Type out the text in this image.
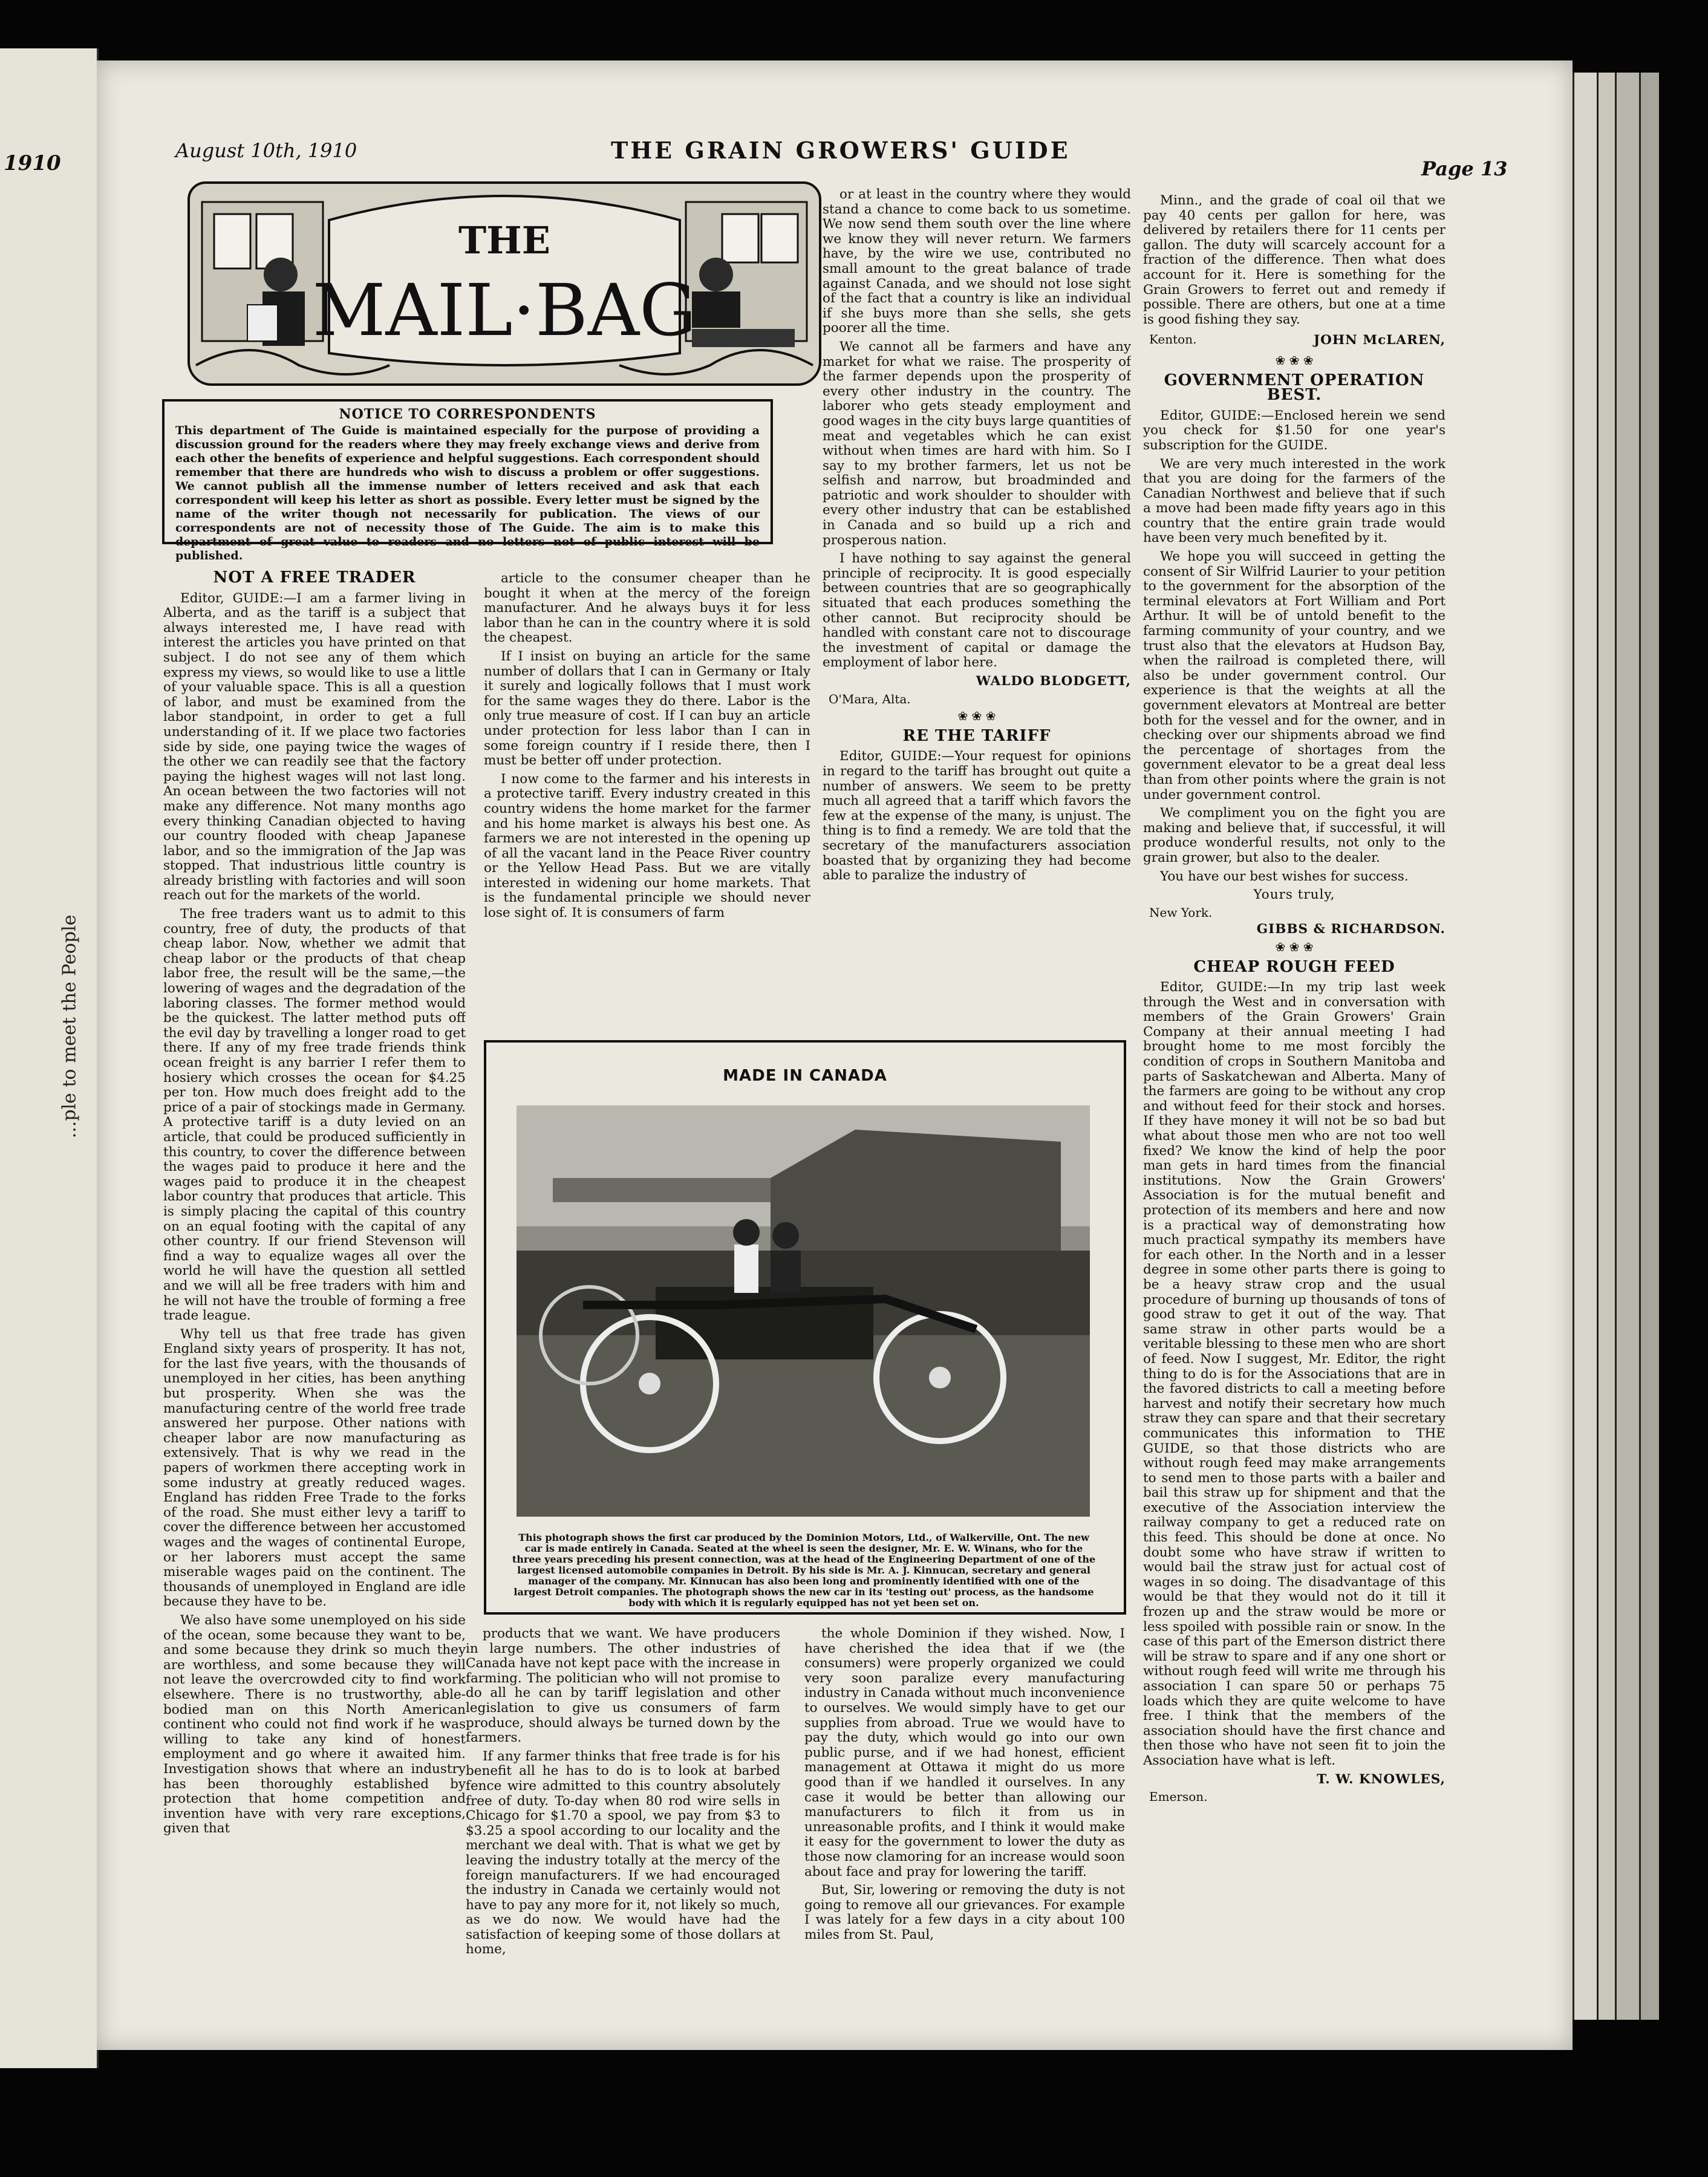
1910
...ple to meet the People
August 10th, 1910	THE GRAIN GROWERS' GUIDE
Page 13
THE
MAIL·BAG
NOTICE TO CORRESPONDENTS
This department of The Guide is maintained especially for the purpose of providing a discussion ground for the readers where they may freely exchange views and derive from each other the benefits of experience and helpful suggestions. Each correspondent should remember that there are hundreds who wish to discuss a problem or offer suggestions. We cannot publish all the immense number of letters received and ask that each correspondent will keep his letter as short as possible. Every letter must be signed by the name of the writer though not necessarily for publication. The views of our correspondents are not of necessity those of The Guide. The aim is to make this department of great value to readers and no letters not of public interest will be published.
NOT A FREE TRADER

Editor, GUIDE:—I am a farmer living in Alberta, and as the tariff is a subject that always interested me, I have read with interest the articles you have printed on that subject. I do not see any of them which express my views, so would like to use a little of your valuable space. This is all a question of labor, and must be examined from the labor standpoint, in order to get a full understanding of it. If we place two factories side by side, one paying twice the wages of the other we can readily see that the factory paying the highest wages will not last long. An ocean between the two factories will not make any difference. Not many months ago every thinking Canadian objected to having our country flooded with cheap Japanese labor, and so the immigration of the Jap was stopped. That industrious little country is already bristling with factories and will soon reach out for the markets of the world.

The free traders want us to admit to this country, free of duty, the products of that cheap labor. Now, whether we admit that cheap labor or the products of that cheap labor free, the result will be the same,—the lowering of wages and the degradation of the laboring classes. The former method would be the quickest. The latter method puts off the evil day by travelling a longer road to get there. If any of my free trade friends think ocean freight is any barrier I refer them to hosiery which crosses the ocean for $4.25 per ton. How much does freight add to the price of a pair of stockings made in Germany. A protective tariff is a duty levied on an article, that could be produced sufficiently in this country, to cover the difference between the wages paid to produce it here and the wages paid to produce it in the cheapest labor country that produces that article. This is simply placing the capital of this country on an equal footing with the capital of any other country. If our friend Stevenson will find a way to equalize wages all over the world he will have the question all settled and we will all be free traders with him and he will not have the trouble of forming a free trade league.

Why tell us that free trade has given England sixty years of prosperity. It has not, for the last five years, with the thousands of unemployed in her cities, has been anything but prosperity. When she was the manufacturing centre of the world free trade answered her purpose. Other nations with cheaper labor are now manufacturing as extensively. That is why we read in the papers of workmen there accepting work in some industry at greatly reduced wages. England has ridden Free Trade to the forks of the road. She must either levy a tariff to cover the difference between her accustomed wages and the wages of continental Europe, or her laborers must accept the same miserable wages paid on the continent. The thousands of unemployed in England are idle because they have to be.

We also have some unemployed on his side of the ocean, some because they want to be, and some because they drink so much they are worthless, and some because they will not leave the overcrowded city to find work elsewhere. There is no trustworthy, able-bodied man on this North American continent who could not find work if he was willing to take any kind of honest employment and go where it awaited him. Investigation shows that where an industry has been thoroughly established by protection that home competition and invention have with very rare exceptions, given that

article to the consumer cheaper than he bought it when at the mercy of the foreign manufacturer. And he always buys it for less labor than he can in the country where it is sold the cheapest.

If I insist on buying an article for the same number of dollars that I can in Germany or Italy it surely and logically follows that I must work for the same wages they do there. Labor is the only true measure of cost. If I can buy an article under protection for less labor than I can in some foreign country if I reside there, then I must be better off under protection.

I now come to the farmer and his interests in a protective tariff. Every industry created in this country widens the home market for the farmer and his home market is always his best one. As farmers we are not interested in the opening up of all the vacant land in the Peace River country or the Yellow Head Pass. But we are vitally interested in widening our home markets. That is the fundamental principle we should never lose sight of. It is consumers of farm

or at least in the country where they would stand a chance to come back to us sometime. We now send them south over the line where we know they will never return. We farmers have, by the wire we use, contributed no small amount to the great balance of trade against Canada, and we should not lose sight of the fact that a country is like an individual if she buys more than she sells, she gets poorer all the time.

We cannot all be farmers and have any market for what we raise. The prosperity of the farmer depends upon the prosperity of every other industry in the country. The laborer who gets steady employment and good wages in the city buys large quantities of meat and vegetables which he can exist without when times are hard with him. So I say to my brother farmers, let us not be selfish and narrow, but broadminded and patriotic and work shoulder to shoulder with every other industry that can be established in Canada and so build up a rich and prosperous nation.

I have nothing to say against the general principle of reciprocity. It is good especially between countries that are so geographically situated that each produces something the other cannot. But reciprocity should be handled with constant care not to discourage the investment of capital or damage the employment of labor here.

WALDO BLODGETT,
O'Mara, Alta.
❀ ❀ ❀
RE THE TARIFF

Editor, GUIDE:—Your request for opinions in regard to the tariff has brought out quite a number of answers. We seem to be pretty much all agreed that a tariff which favors the few at the expense of the many, is unjust. The thing is to find a remedy. We are told that the secretary of the manufacturers association boasted that by organizing they had become able to paralize the industry of

MADE IN CANADA
This photograph shows the first car produced by the Dominion Motors, Ltd., of Walkerville, Ont. The new car is made entirely in Canada. Seated at the wheel is seen the designer, Mr. E. W. Winans, who for the three years preceding his present connection, was at the head of the Engineering Department of one of the largest licensed automobile companies in Detroit. By his side is Mr. A. J. Kinnucan, secretary and general manager of the company. Mr. Kinnucan has also been long and prominently identified with one of the largest Detroit companies. The photograph shows the new car in its 'testing out' process, as the handsome body with which it is regularly equipped has not yet been set on.

products that we want. We have producers in large numbers. The other industries of Canada have not kept pace with the increase in farming. The politician who will not promise to do all he can by tariff legislation and other legislation to give us consumers of farm produce, should always be turned down by the farmers.

If any farmer thinks that free trade is for his benefit all he has to do is to look at barbed fence wire admitted to this country absolutely free of duty. To-day when 80 rod wire sells in Chicago for $1.70 a spool, we pay from $3 to $3.25 a spool according to our locality and the merchant we deal with. That is what we get by leaving the industry totally at the mercy of the foreign manufacturers. If we had encouraged the industry in Canada we certainly would not have to pay any more for it, not likely so much, as we do now. We would have had the satisfaction of keeping some of those dollars at home,

the whole Dominion if they wished. Now, I have cherished the idea that if we (the consumers) were properly organized we could very soon paralize every manufacturing industry in Canada without much inconvenience to ourselves. We would simply have to get our supplies from abroad. True we would have to pay the duty, which would go into our own public purse, and if we had honest, efficient management at Ottawa it might do us more good than if we handled it ourselves. In any case it would be better than allowing our manufacturers to filch it from us in unreasonable profits, and I think it would make it easy for the government to lower the duty as those now clamoring for an increase would soon about face and pray for lowering the tariff.

But, Sir, lowering or removing the duty is not going to remove all our grievances. For example I was lately for a few days in a city about 100 miles from St. Paul,

Minn., and the grade of coal oil that we pay 40 cents per gallon for here, was delivered by retailers there for 11 cents per gallon. The duty will scarcely account for a fraction of the difference. Then what does account for it. Here is something for the Grain Growers to ferret out and remedy if possible. There are others, but one at a time is good fishing they say.

Kenton.	JOHN McLAREN,
❀ ❀ ❀
GOVERNMENT OPERATION BEST.

Editor, GUIDE:—Enclosed herein we send you check for $1.50 for one year's subscription for the GUIDE.

We are very much interested in the work that you are doing for the farmers of the Canadian Northwest and believe that if such a move had been made fifty years ago in this country that the entire grain trade would have been very much benefited by it.

We hope you will succeed in getting the consent of Sir Wilfrid Laurier to your petition to the government for the absorption of the terminal elevators at Fort William and Port Arthur. It will be of untold benefit to the farming community of your country, and we trust also that the elevators at Hudson Bay, when the railroad is completed there, will also be under government control. Our experience is that the weights at all the government elevators at Montreal are better both for the vessel and for the owner, and in checking over our shipments abroad we find the percentage of shortages from the government elevator to be a great deal less than from other points where the grain is not under government control.

We compliment you on the fight you are making and believe that, if successful, it will produce wonderful results, not only to the grain grower, but also to the dealer.

You have our best wishes for success.

Yours truly,
New York.
GIBBS & RICHARDSON.
❀ ❀ ❀
CHEAP ROUGH FEED

Editor, GUIDE:—In my trip last week through the West and in conversation with members of the Grain Growers' Grain Company at their annual meeting I had brought home to me most forcibly the condition of crops in Southern Manitoba and parts of Saskatchewan and Alberta. Many of the farmers are going to be without any crop and without feed for their stock and horses. If they have money it will not be so bad but what about those men who are not too well fixed? We know the kind of help the poor man gets in hard times from the financial institutions. Now the Grain Growers' Association is for the mutual benefit and protection of its members and here and now is a practical way of demonstrating how much practical sympathy its members have for each other. In the North and in a lesser degree in some other parts there is going to be a heavy straw crop and the usual procedure of burning up thousands of tons of good straw to get it out of the way. That same straw in other parts would be a veritable blessing to these men who are short of feed. Now I suggest, Mr. Editor, the right thing to do is for the Associations that are in the favored districts to call a meeting before harvest and notify their secretary how much straw they can spare and that their secretary communicates this information to THE GUIDE, so that those districts who are without rough feed may make arrangements to send men to those parts with a bailer and bail this straw up for shipment and that the executive of the Association interview the railway company to get a reduced rate on this feed. This should be done at once. No doubt some who have straw if written to would bail the straw just for actual cost of wages in so doing. The disadvantage of this would be that they would not do it till it frozen up and the straw would be more or less spoiled with possible rain or snow. In the case of this part of the Emerson district there will be straw to spare and if any one short or without rough feed will write me through his association I can spare 50 or perhaps 75 loads which they are quite welcome to have free. I think that the members of the association should have the first chance and then those who have not seen fit to join the Association have what is left.

T. W. KNOWLES,
Emerson.
